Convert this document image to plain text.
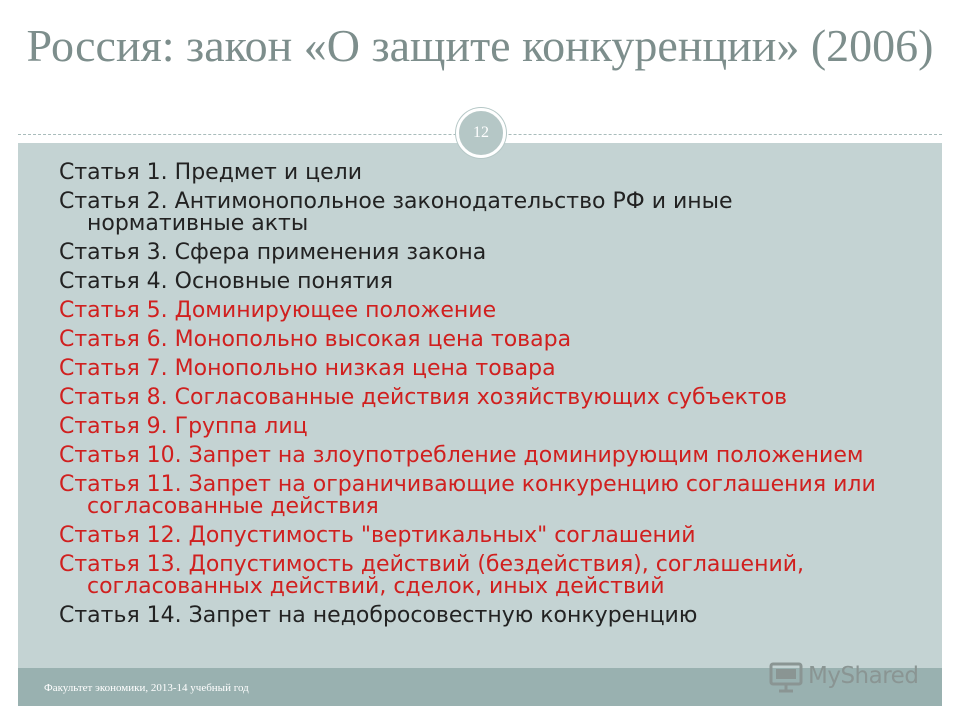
Россия: закон «О защите конкуренции» (2006)
12
Статья 1. Предмет и цели
Статья 2. Антимонопольное законодательство РФ и иные нормативные акты
Статья 3. Сфера применения закона
Статья 4. Основные понятия
Статья 5. Доминирующее положение
Статья 6. Монопольно высокая цена товара
Статья 7. Монопольно низкая цена товара
Статья 8. Согласованные действия хозяйствующих субъектов
Статья 9. Группа лиц
Статья 10. Запрет на злоупотребление доминирующим положением
Статья 11. Запрет на ограничивающие конкуренцию соглашения или согласованные действия
Статья 12. Допустимость "вертикальных" соглашений
Статья 13. Допустимость действий (бездействия), соглашений, согласованных действий, сделок, иных действий
Статья 14. Запрет на недобросовестную конкуренцию
Факультет экономики, 2013-14 учебный год	MyShared
